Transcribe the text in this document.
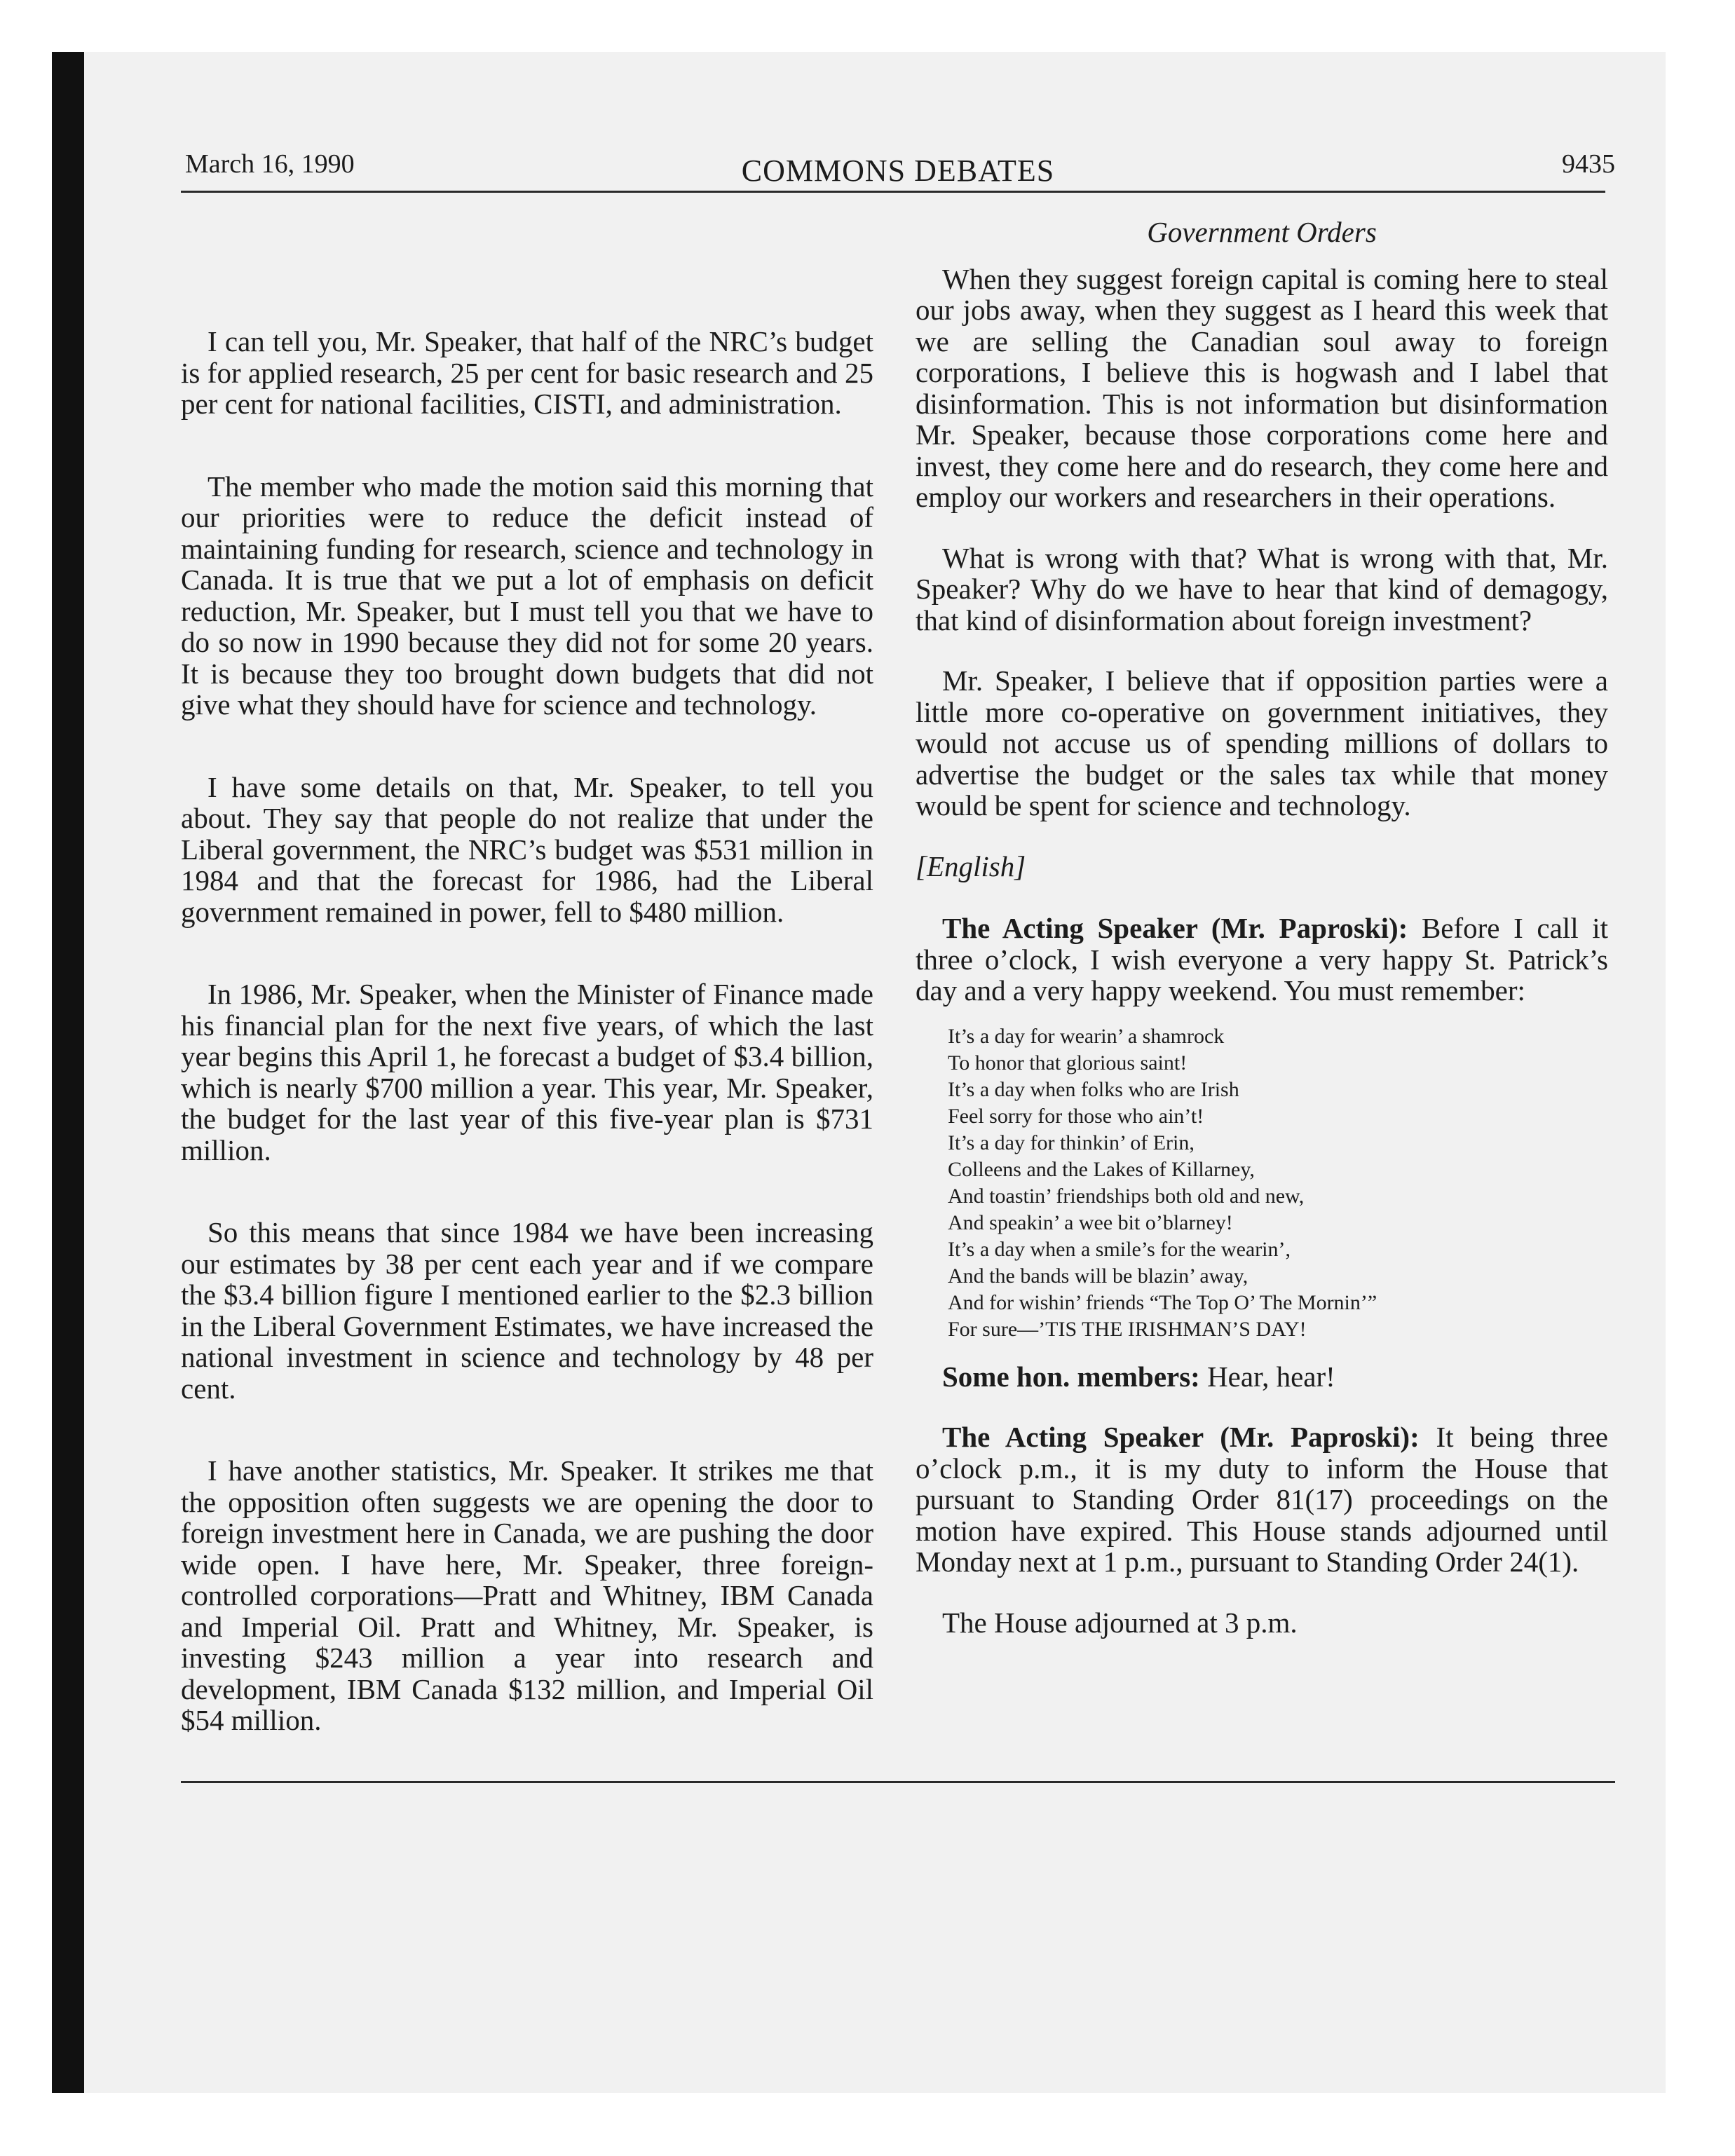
March 16, 1990	COMMONS DEBATES	9435

I can tell you, Mr. Speaker, that half of the NRC’s budget is for applied research, 25 per cent for basic research and 25 per cent for national facilities, CISTI, and administration.

The member who made the motion said this morning that our priorities were to reduce the deficit instead of maintaining funding for research, science and technology in Canada. It is true that we put a lot of emphasis on deficit reduction, Mr. Speaker, but I must tell you that we have to do so now in 1990 because they did not for some 20 years. It is because they too brought down budgets that did not give what they should have for science and technology.

I have some details on that, Mr. Speaker, to tell you about. They say that people do not realize that under the Liberal government, the NRC’s budget was $531 million in 1984 and that the forecast for 1986, had the Liberal government remained in power, fell to $480 million.

In 1986, Mr. Speaker, when the Minister of Finance made his financial plan for the next five years, of which the last year begins this April 1, he forecast a budget of $3.4 billion, which is nearly $700 million a year. This year, Mr. Speaker, the budget for the last year of this five-year plan is $731 million.

So this means that since 1984 we have been increasing our estimates by 38 per cent each year and if we compare the $3.4 billion figure I mentioned earlier to the $2.3 billion in the Liberal Government Estimates, we have increased the national investment in science and technology by 48 per cent.

I have another statistics, Mr. Speaker. It strikes me that the opposition often suggests we are opening the door to foreign investment here in Canada, we are pushing the door wide open. I have here, Mr. Speaker, three foreign-controlled corporations—Pratt and Whitney, IBM Canada and Imperial Oil. Pratt and Whitney, Mr. Speaker, is investing $243 million a year into research and development, IBM Canada $132 million, and Imperial Oil $54 million.

Government Orders

When they suggest foreign capital is coming here to steal our jobs away, when they suggest as I heard this week that we are selling the Canadian soul away to foreign corporations, I believe this is hogwash and I label that disinformation. This is not information but disinformation Mr. Speaker, because those corporations come here and invest, they come here and do research, they come here and employ our workers and researchers in their operations.

What is wrong with that? What is wrong with that, Mr. Speaker? Why do we have to hear that kind of demagogy, that kind of disinformation about foreign investment?

Mr. Speaker, I believe that if opposition parties were a little more co-operative on government initiatives, they would not accuse us of spending millions of dollars to advertise the budget or the sales tax while that money would be spent for science and technology.

[English]

The Acting Speaker (Mr. Paproski): Before I call it three o’clock, I wish everyone a very happy St. Patrick’s day and a very happy weekend. You must remember:

It’s a day for wearin’ a shamrock
To honor that glorious saint!
It’s a day when folks who are Irish
Feel sorry for those who ain’t!
It’s a day for thinkin’ of Erin,
Colleens and the Lakes of Killarney,
And toastin’ friendships both old and new,
And speakin’ a wee bit o’blarney!
It’s a day when a smile’s for the wearin’,
And the bands will be blazin’ away,
And for wishin’ friends “The Top O’ The Mornin’”
For sure—’TIS THE IRISHMAN’S DAY!

Some hon. members: Hear, hear!

The Acting Speaker (Mr. Paproski): It being three o’clock p.m., it is my duty to inform the House that pursuant to Standing Order 81(17) proceedings on the motion have expired. This House stands adjourned until Monday next at 1 p.m., pursuant to Standing Order 24(1).

The House adjourned at 3 p.m.
